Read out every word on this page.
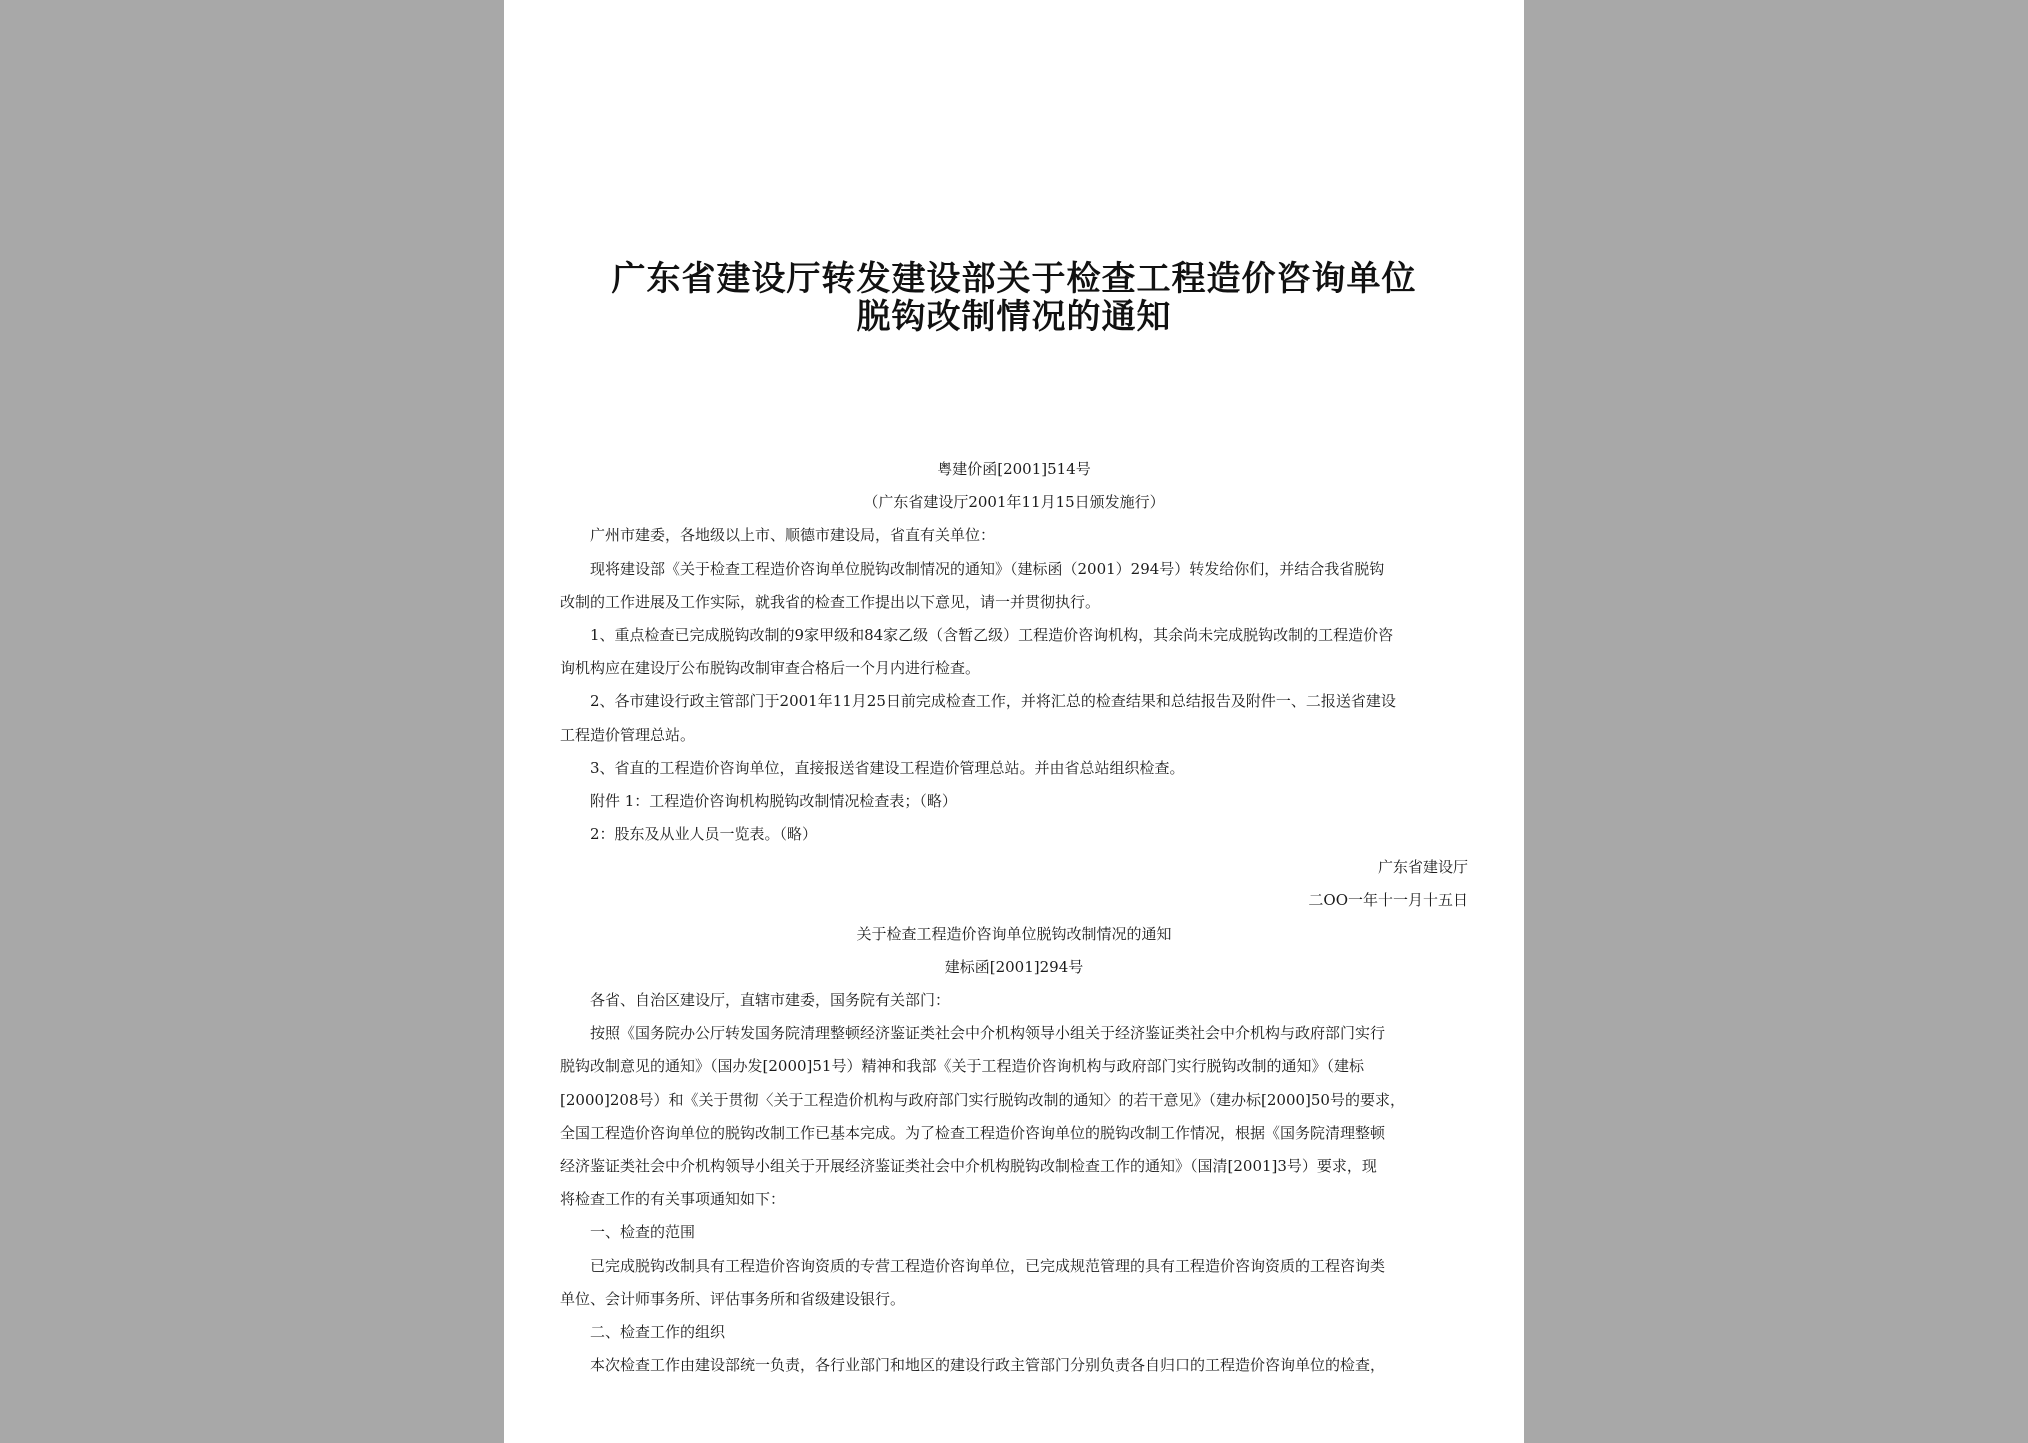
广东省建设厅转发建设部关于检查工程造价咨询单位
脱钩改制情况的通知
粤建价函[2001]514号
（广东省建设厅2001年11月15日颁发施行）
广州市建委，各地级以上市、顺德市建设局，省直有关单位：
现将建设部《关于检查工程造价咨询单位脱钩改制情况的通知》（建标函（2001）294号）转发给你们，并结合我省脱钩
改制的工作进展及工作实际，就我省的检查工作提出以下意见，请一并贯彻执行。
1、重点检查已完成脱钩改制的9家甲级和84家乙级（含暂乙级）工程造价咨询机构，其余尚未完成脱钩改制的工程造价咨
询机构应在建设厅公布脱钩改制审查合格后一个月内进行检查。
2、各市建设行政主管部门于2001年11月25日前完成检查工作，并将汇总的检查结果和总结报告及附件一、二报送省建设
工程造价管理总站。
3、省直的工程造价咨询单位，直接报送省建设工程造价管理总站。并由省总站组织检查。
附件 1：工程造价咨询机构脱钩改制情况检查表；（略）
2：股东及从业人员一览表。（略）
广东省建设厅
二OO一年十一月十五日
关于检查工程造价咨询单位脱钩改制情况的通知
建标函[2001]294号
各省、自治区建设厅，直辖市建委，国务院有关部门：
按照《国务院办公厅转发国务院清理整顿经济鉴证类社会中介机构领导小组关于经济鉴证类社会中介机构与政府部门实行
脱钩改制意见的通知》（国办发[2000]51号）精神和我部《关于工程造价咨询机构与政府部门实行脱钩改制的通知》（建标
[2000]208号）和《关于贯彻〈关于工程造价机构与政府部门实行脱钩改制的通知〉的若干意见》（建办标[2000]50号的要求，
全国工程造价咨询单位的脱钩改制工作已基本完成。为了检查工程造价咨询单位的脱钩改制工作情况，根据《国务院清理整顿
经济鉴证类社会中介机构领导小组关于开展经济鉴证类社会中介机构脱钩改制检查工作的通知》（国清[2001]3号）要求，现
将检查工作的有关事项通知如下：
一、检查的范围
已完成脱钩改制具有工程造价咨询资质的专营工程造价咨询单位，已完成规范管理的具有工程造价咨询资质的工程咨询类
单位、会计师事务所、评估事务所和省级建设银行。
二、检查工作的组织
本次检查工作由建设部统一负责，各行业部门和地区的建设行政主管部门分别负责各自归口的工程造价咨询单位的检查，
